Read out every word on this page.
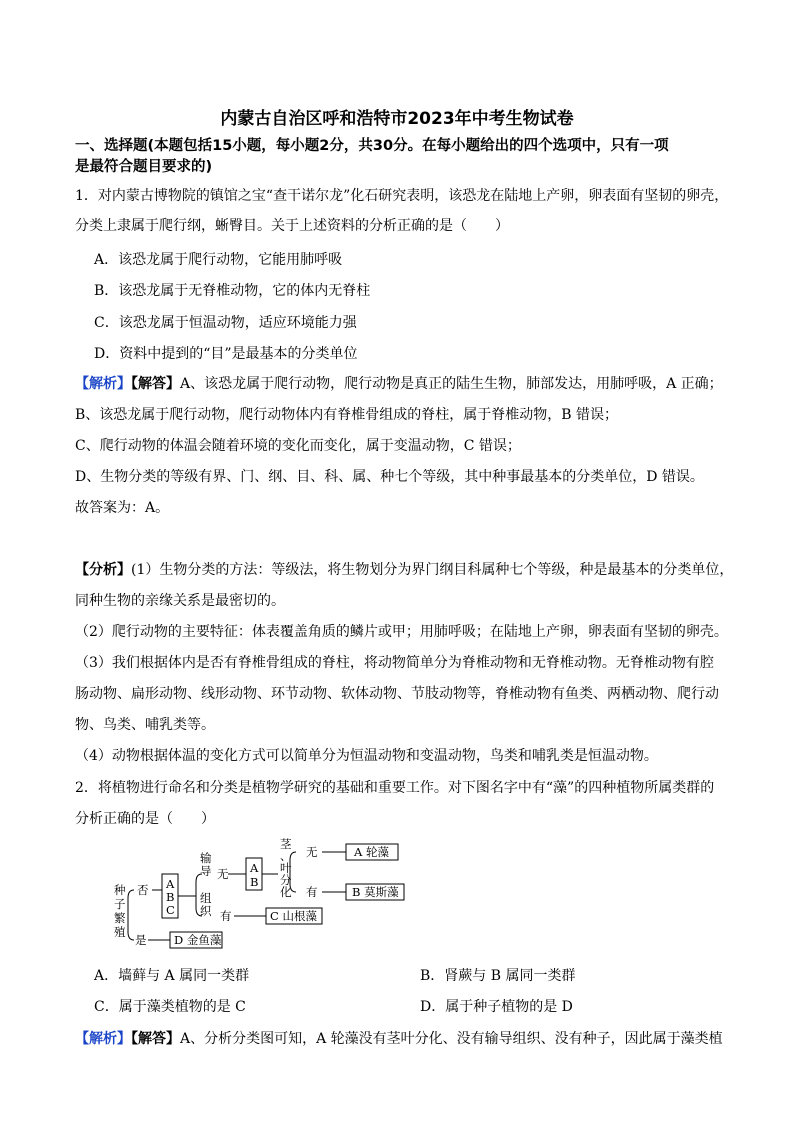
内蒙古自治区呼和浩特市2023年中考生物试卷
一、选择题(本题包括15小题，每小题2分，共30分。在每小题给出的四个选项中，只有一项
是最符合题目要求的)
1．对内蒙古博物院的镇馆之宝“查干诺尔龙”化石研究表明，该恐龙在陆地上产卵，卵表面有坚韧的卵壳，
分类上隶属于爬行纲，蜥臀目。关于上述资料的分析正确的是（　　）
A．该恐龙属于爬行动物，它能用肺呼吸
B．该恐龙属于无脊椎动物，它的体内无脊柱
C．该恐龙属于恒温动物，适应环境能力强
D．资料中提到的“目”是最基本的分类单位
【解析】【解答】A、该恐龙属于爬行动物，爬行动物是真正的陆生生物，肺部发达，用肺呼吸，A 正确；
B、该恐龙属于爬行动物，爬行动物体内有脊椎骨组成的脊柱，属于脊椎动物，B 错误；
C、爬行动物的体温会随着环境的变化而变化，属于变温动物，C 错误；
D、生物分类的等级有界、门、纲、目、科、属、种七个等级，其中种事最基本的分类单位，D 错误。
故答案为：A。
【分析】(1）生物分类的方法：等级法，将生物划分为界门纲目科属种七个等级，种是最基本的分类单位，
同种生物的亲缘关系是最密切的。
（2）爬行动物的主要特征：体表覆盖角质的鳞片或甲；用肺呼吸；在陆地上产卵，卵表面有坚韧的卵壳。
（3）我们根据体内是否有脊椎骨组成的脊柱，将动物简单分为脊椎动物和无脊椎动物。无脊椎动物有腔
肠动物、扁形动物、线形动物、环节动物、软体动物、节肢动物等，脊椎动物有鱼类、两栖动物、爬行动
物、鸟类、哺乳类等。
（4）动物根据体温的变化方式可以简单分为恒温动物和变温动物，鸟类和哺乳类是恒温动物。
2．将植物进行命名和分类是植物学研究的基础和重要工作。对下图名字中有“藻”的四种植物所属类群的
分析正确的是（　　）
种
子
繁
殖
否
是
A
B
C
输
导
组
织
无
有
A
B
茎
、
叶
分
化
无
有
A 轮藻
B 莫斯藻
C 山根藻
D 金鱼藻
A．墙藓与 A 属同一类群	B．肾蕨与 B 属同一类群
C．属于藻类植物的是 C	D．属于种子植物的是 D
【解析】【解答】A、分析分类图可知，A 轮藻没有茎叶分化、没有输导组织、没有种子，因此属于藻类植
